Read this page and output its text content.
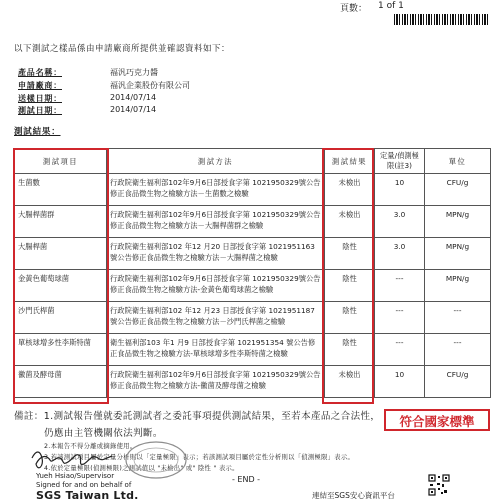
頁數： 1 of 1
以下測試之樣品係由申請廠商所提供並確認資料如下：
產品名稱：	福汎巧克力醬
申請廠商：	福汎企業股份有限公司
送樣日期：	2014/07/14
測試日期：	2014/07/14
測試結果：
測試項目	測試方法	測試結果	定量/偵測極限(註3)	單位
生菌數	行政院衛生福利部102年9月6日部授食字第 1021950329號公告修正食品微生物之檢驗方法－生菌數之檢驗	未檢出	10	CFU/g
大腸桿菌群	行政院衛生福利部102年9月6日部授食字第 1021950329號公告修正食品微生物之檢驗方法－大腸桿菌群之檢驗	未檢出	3.0	MPN/g
大腸桿菌	行政院衛生福利部102 年12 月20 日部授食字第 1021951163號公告修正食品微生物之檢驗方法－大腸桿菌之檢驗	陰性	3.0	MPN/g
金黃色葡萄球菌	行政院衛生福利部102年9月6日部授食字第 1021950329號公告修正食品微生物之檢驗方法-金黃色葡萄球菌之檢驗	陰性	---	MPN/g
沙門氏桿菌	行政院衛生福利部102 年12 月23 日部授食字第 1021951187號公告修正食品微生物之檢驗方法－沙門氏桿菌之檢驗	陰性	---	---
單核球增多性李斯特菌	衛生福利部103 年1 月9 日部授食字第 1021951354 號公告修正食品微生物之檢驗方法-單核球增多性李斯特菌之檢驗	陰性	---	---
黴菌及酵母菌	行政院衛生福利部102年9月6日部授食字第 1021950329號公告修正食品微生物之檢驗方法-黴菌及酵母菌之檢驗	未檢出	10	CFU/g
備註：1.測試報告僅就委託測試者之委託事項提供測試結果，至若本產品之合法性，
仍應由主管機關依法判斷。
符合國家標準
2.本報告不得分離或摘錄使用。
3.若該測試項目屬於定量分析則以「定量極限」表示；若該測試項目屬於定性分析則以「偵測極限」表示。
4.依於定量極限(偵測極限)之測試值以 "未檢出" 或" 陰性 " 表示。
- END -
Yueh Hsiao/Supervisor
Signed for and on behalf of
SGS Taiwan Ltd.	連結至SGS安心資訊平台
